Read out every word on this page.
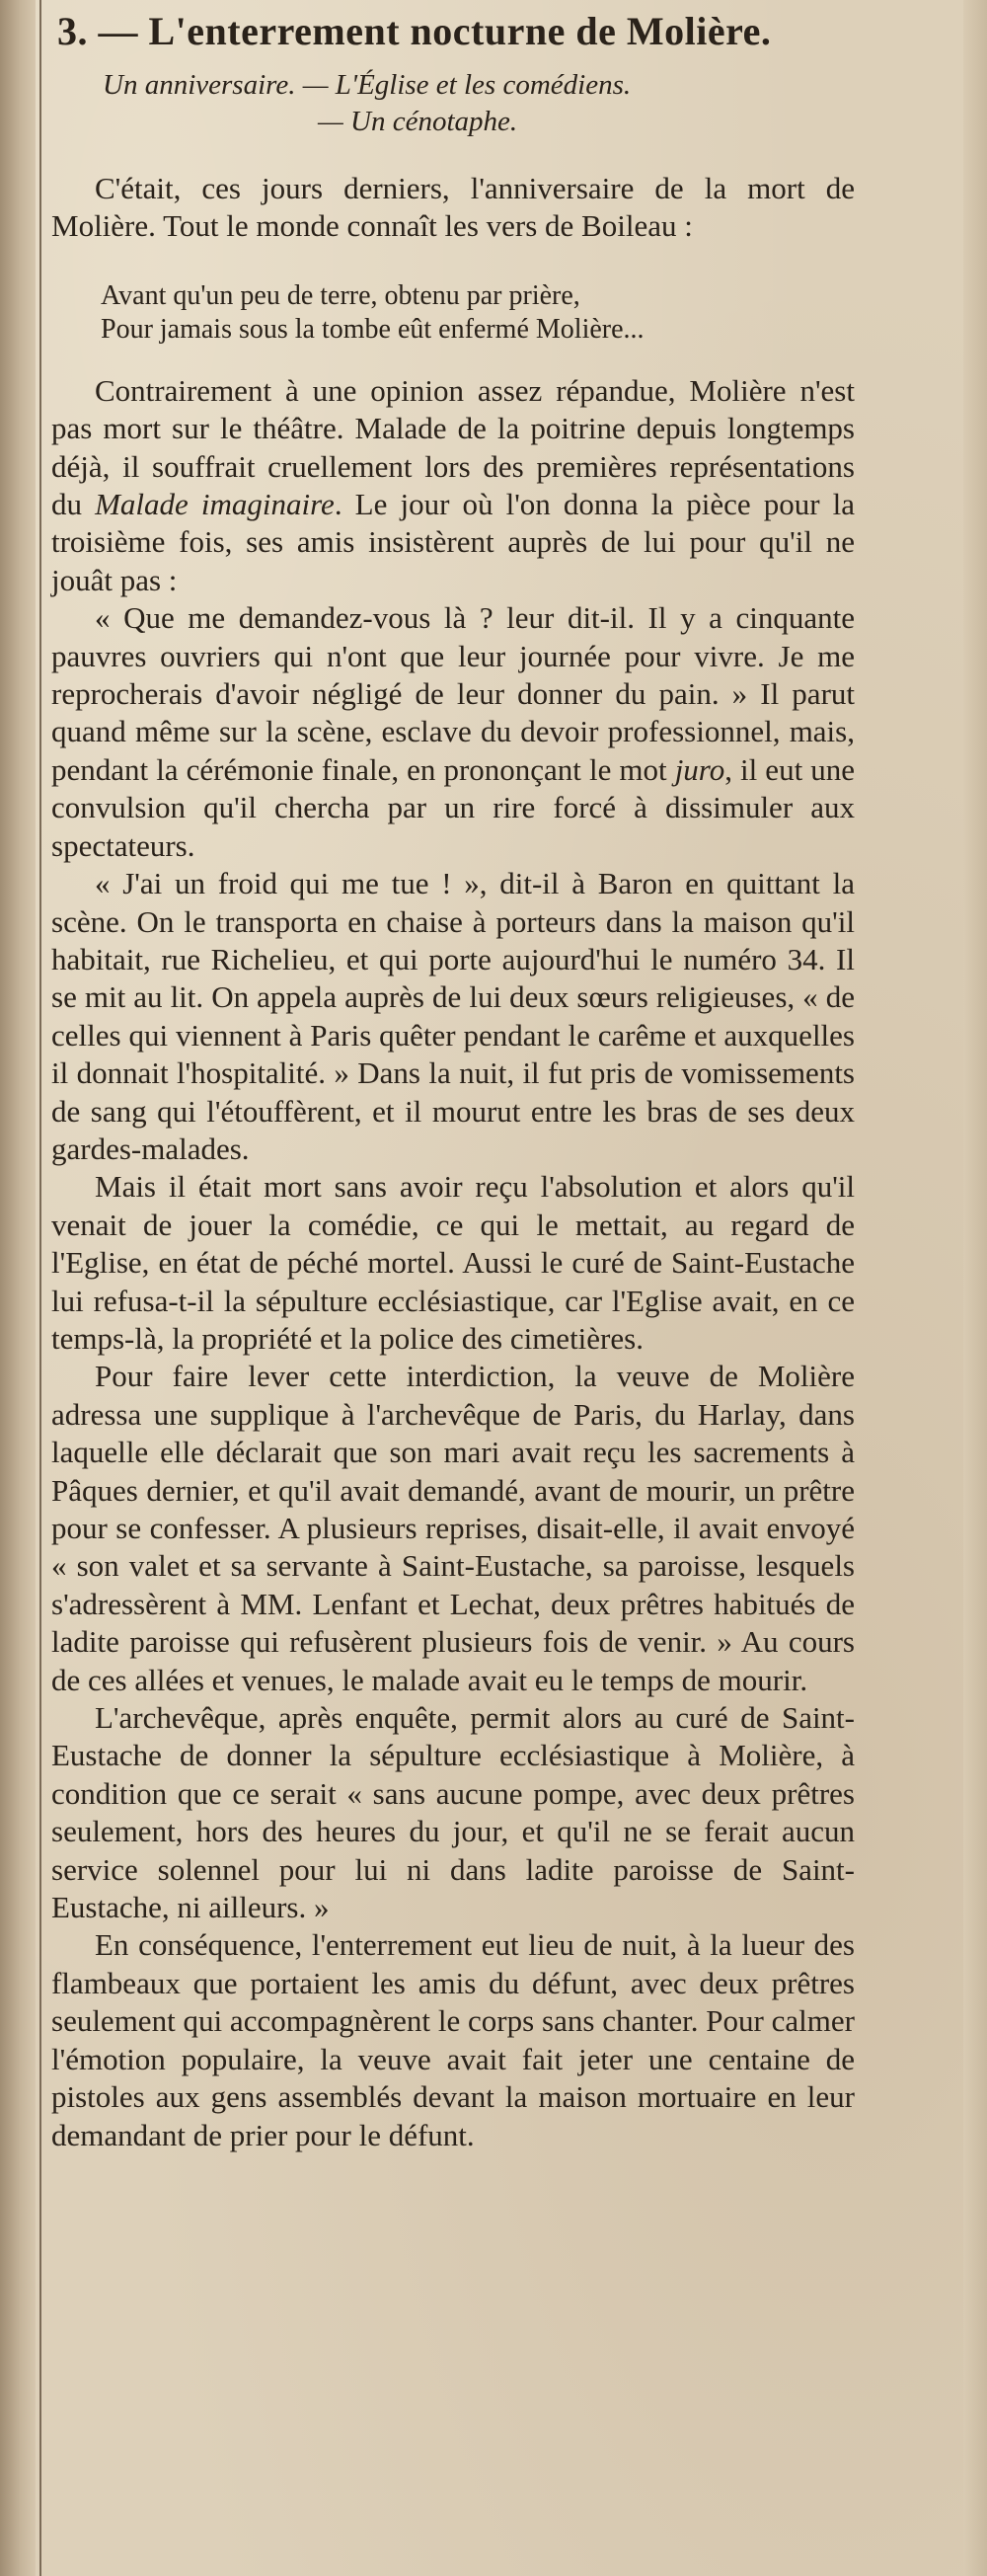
3. — L'enterrement nocturne de Molière.
Un anniversaire. — L'Église et les comédiens.
— Un cénotaphe.

C'était, ces jours derniers, l'anniversaire de la mort de Molière. Tout le monde connaît les vers de Boileau :

Avant qu'un peu de terre, obtenu par prière,
Pour jamais sous la tombe eût enfermé Molière...

Contrairement à une opinion assez répandue, Molière n'est pas mort sur le théâtre. Malade de la poitrine depuis longtemps déjà, il souffrait cruellement lors des premières représentations du Malade imaginaire. Le jour où l'on donna la pièce pour la troisième fois, ses amis insistèrent auprès de lui pour qu'il ne jouât pas :

« Que me demandez-vous là ? leur dit-il. Il y a cinquante pauvres ouvriers qui n'ont que leur journée pour vivre. Je me reprocherais d'avoir négligé de leur donner du pain. » Il parut quand même sur la scène, esclave du devoir professionnel, mais, pendant la cérémonie finale, en prononçant le mot juro, il eut une convulsion qu'il chercha par un rire forcé à dissimuler aux spectateurs.

« J'ai un froid qui me tue ! », dit-il à Baron en quittant la scène. On le transporta en chaise à porteurs dans la maison qu'il habitait, rue Richelieu, et qui porte aujourd'hui le numéro 34. Il se mit au lit. On appela auprès de lui deux sœurs religieuses, « de celles qui viennent à Paris quêter pendant le carême et auxquelles il donnait l'hospitalité. » Dans la nuit, il fut pris de vomissements de sang qui l'étouffèrent, et il mourut entre les bras de ses deux gardes-malades.

Mais il était mort sans avoir reçu l'absolution et alors qu'il venait de jouer la comédie, ce qui le mettait, au regard de l'Eglise, en état de péché mortel. Aussi le curé de Saint-Eustache lui refusa-t-il la sépulture ecclésiastique, car l'Eglise avait, en ce temps-là, la propriété et la police des cimetières.

Pour faire lever cette interdiction, la veuve de Molière adressa une supplique à l'archevêque de Paris, du Harlay, dans laquelle elle déclarait que son mari avait reçu les sacrements à Pâques dernier, et qu'il avait demandé, avant de mourir, un prêtre pour se confesser. A plusieurs reprises, disait-elle, il avait envoyé « son valet et sa servante à Saint-Eustache, sa paroisse, lesquels s'adressèrent à MM. Lenfant et Lechat, deux prêtres habitués de ladite paroisse qui refusèrent plusieurs fois de venir. » Au cours de ces allées et venues, le malade avait eu le temps de mourir.

L'archevêque, après enquête, permit alors au curé de Saint-Eustache de donner la sépulture ecclésiastique à Molière, à condition que ce serait « sans aucune pompe, avec deux prêtres seulement, hors des heures du jour, et qu'il ne se ferait aucun service solennel pour lui ni dans ladite paroisse de Saint-Eustache, ni ailleurs. »

En conséquence, l'enterrement eut lieu de nuit, à la lueur des flambeaux que portaient les amis du défunt, avec deux prêtres seulement qui accompagnèrent le corps sans chanter. Pour calmer l'émotion populaire, la veuve avait fait jeter une centaine de pistoles aux gens assemblés devant la maison mortuaire en leur demandant de prier pour le défunt.
